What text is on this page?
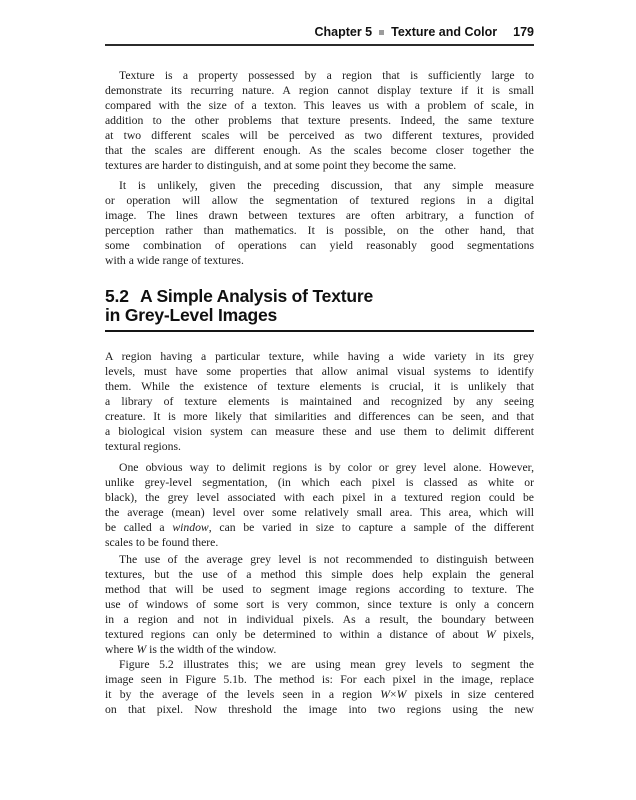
Chapter 5 Texture and Color 179
5.2 A Simple Analysis of Texture
in Grey-Level Images
Texture is a property possessed by a region that is sufficiently large to
demonstrate its recurring nature. A region cannot display texture if it is small
compared with the size of a texton. This leaves us with a problem of scale, in
addition to the other problems that texture presents. Indeed, the same texture
at two different scales will be perceived as two different textures, provided
that the scales are different enough. As the scales become closer together the
textures are harder to distinguish, and at some point they become the same.
It is unlikely, given the preceding discussion, that any simple measure
or operation will allow the segmentation of textured regions in a digital
image. The lines drawn between textures are often arbitrary, a function of
perception rather than mathematics. It is possible, on the other hand, that
some combination of operations can yield reasonably good segmentations
with a wide range of textures.
A region having a particular texture, while having a wide variety in its grey
levels, must have some properties that allow animal visual systems to identify
them. While the existence of texture elements is crucial, it is unlikely that
a library of texture elements is maintained and recognized by any seeing
creature. It is more likely that similarities and differences can be seen, and that
a biological vision system can measure these and use them to delimit different
textural regions.
One obvious way to delimit regions is by color or grey level alone. However,
unlike grey-level segmentation, (in which each pixel is classed as white or
black), the grey level associated with each pixel in a textured region could be
the average (mean) level over some relatively small area. This area, which will
be called a window, can be varied in size to capture a sample of the different
scales to be found there.
The use of the average grey level is not recommended to distinguish between
textures, but the use of a method this simple does help explain the general
method that will be used to segment image regions according to texture. The
use of windows of some sort is very common, since texture is only a concern
in a region and not in individual pixels. As a result, the boundary between
textured regions can only be determined to within a distance of about W pixels,
where W is the width of the window.
Figure 5.2 illustrates this; we are using mean grey levels to segment the
image seen in Figure 5.1b. The method is: For each pixel in the image, replace
it by the average of the levels seen in a region W×W pixels in size centered
on that pixel. Now threshold the image into two regions using the new
